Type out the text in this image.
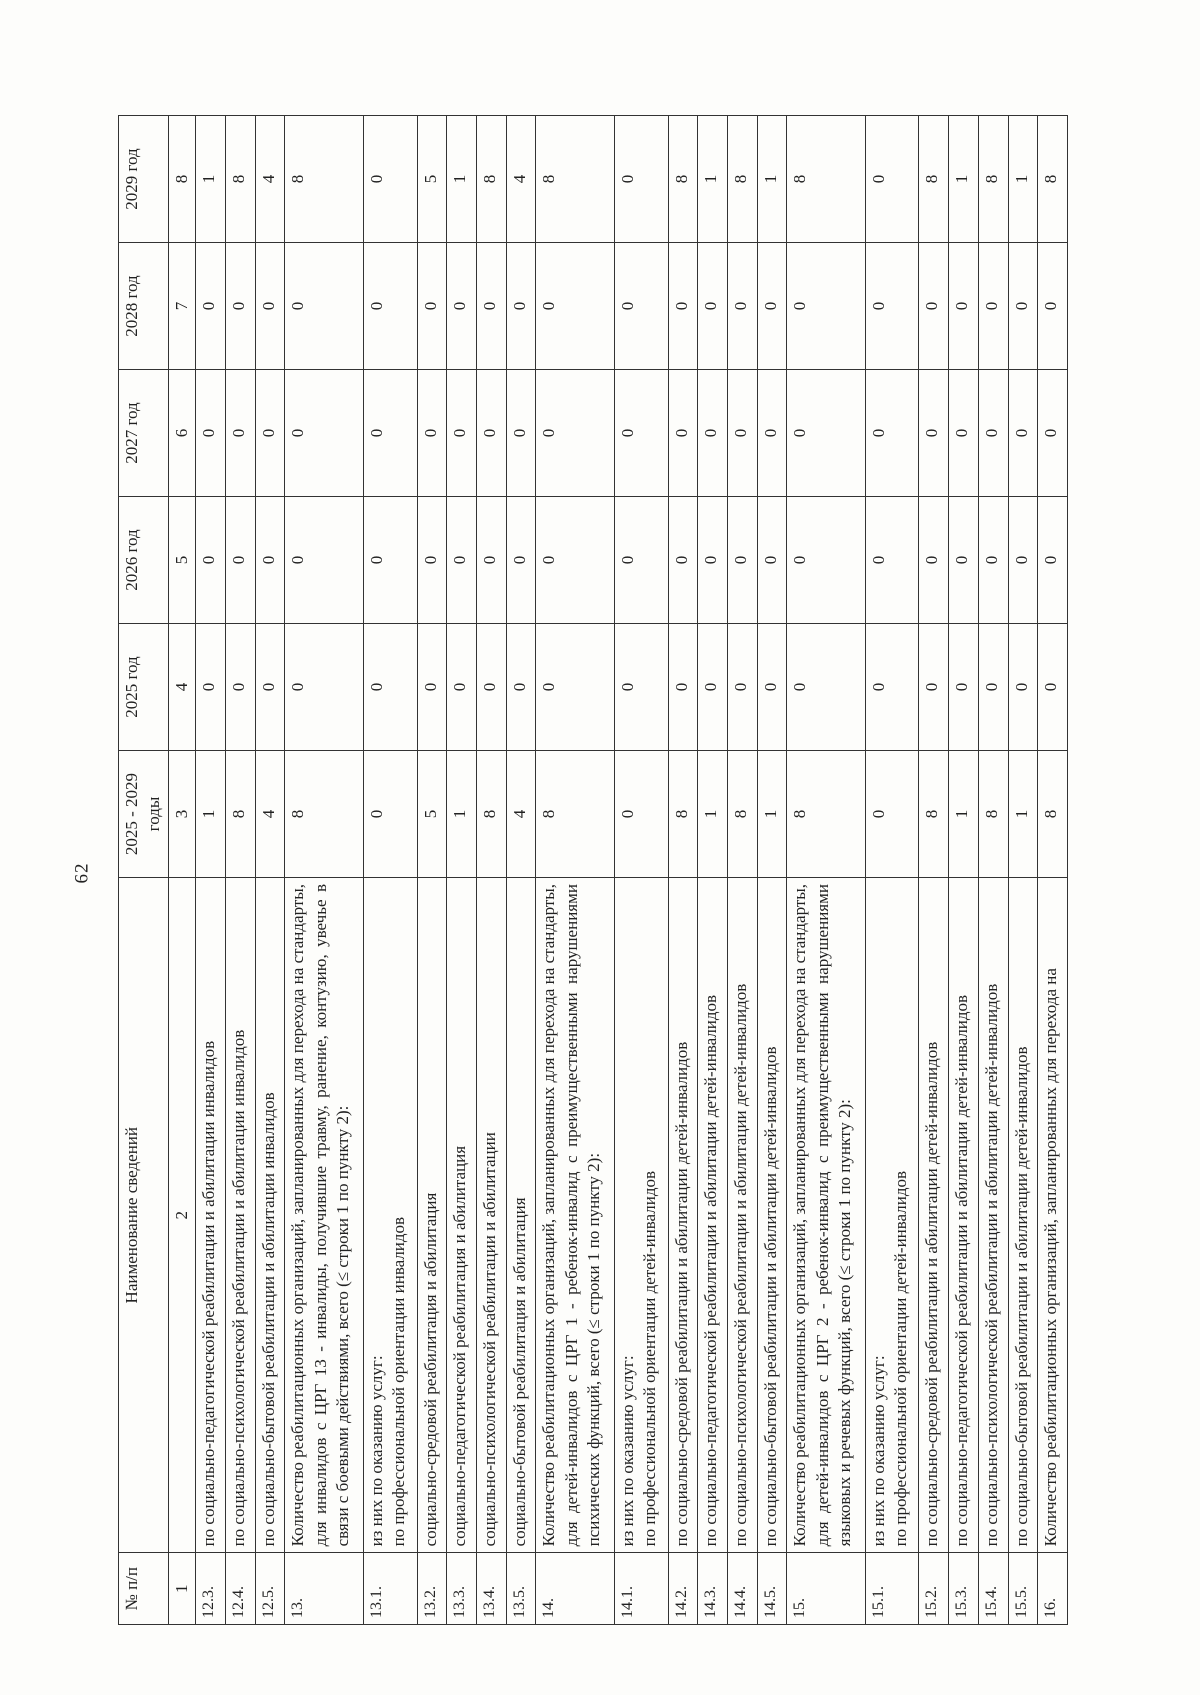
62
№ п/п	Наименование сведений	2025 - 2029 годы	2025 год	2026 год	2027 год	2028 год	2029 год
1	2	3	4	5	6	7	8
12.3.	по социально-педагогической реабилитации и абилитации инвалидов	1	0	0	0	0	1
12.4.	по социально-психологической реабилитации и абилитации инвалидов	8	0	0	0	0	8
12.5.	по социально-бытовой реабилитации и абилитации инвалидов	4	0	0	0	0	4
13.	Количество реабилитационных организаций, запланированных для перехода на стандарты, для инвалидов с ЦРГ 13 - инвалиды, получившие травму, ранение, контузию, увечье в связи с боевыми действиями, всего (≤ строки 1 по пункту 2):	8	0	0	0	0	8
13.1.	из них по оказанию услуг: по профессиональной ориентации инвалидов	0	0	0	0	0	0
13.2.	социально-средовой реабилитация и абилитация	5	0	0	0	0	5
13.3.	социально-педагогической реабилитация и абилитация	1	0	0	0	0	1
13.4.	социально-психологической реабилитации и абилитации	8	0	0	0	0	8
13.5.	социально-бытовой реабилитация и абилитация	4	0	0	0	0	4
14.	Количество реабилитационных организаций, запланированных для перехода на стандарты, для детей-инвалидов с ЦРГ 1 - ребенок-инвалид с преимущественными нарушениями психических функций, всего (≤ строки 1 по пункту 2):	8	0	0	0	0	8
14.1.	из них по оказанию услуг: по профессиональной ориентации детей-инвалидов	0	0	0	0	0	0
14.2.	по социально-средовой реабилитации и абилитации детей-инвалидов	8	0	0	0	0	8
14.3.	по социально-педагогической реабилитации и абилитации детей-инвалидов	1	0	0	0	0	1
14.4.	по социально-психологической реабилитации и абилитации детей-инвалидов	8	0	0	0	0	8
14.5.	по социально-бытовой реабилитации и абилитации детей-инвалидов	1	0	0	0	0	1
15.	Количество реабилитационных организаций, запланированных для перехода на стандарты, для детей-инвалидов с ЦРГ 2 - ребенок-инвалид с преимущественными нарушениями языковых и речевых функций, всего (≤ строки 1 по пункту 2):	8	0	0	0	0	8
15.1.	из них по оказанию услуг: по профессиональной ориентации детей-инвалидов	0	0	0	0	0	0
15.2.	по социально-средовой реабилитации и абилитации детей-инвалидов	8	0	0	0	0	8
15.3.	по социально-педагогической реабилитации и абилитации детей-инвалидов	1	0	0	0	0	1
15.4.	по социально-психологической реабилитации и абилитации детей-инвалидов	8	0	0	0	0	8
15.5.	по социально-бытовой реабилитации и абилитации детей-инвалидов	1	0	0	0	0	1
16.	Количество реабилитационных организаций, запланированных для перехода на	8	0	0	0	0	8
